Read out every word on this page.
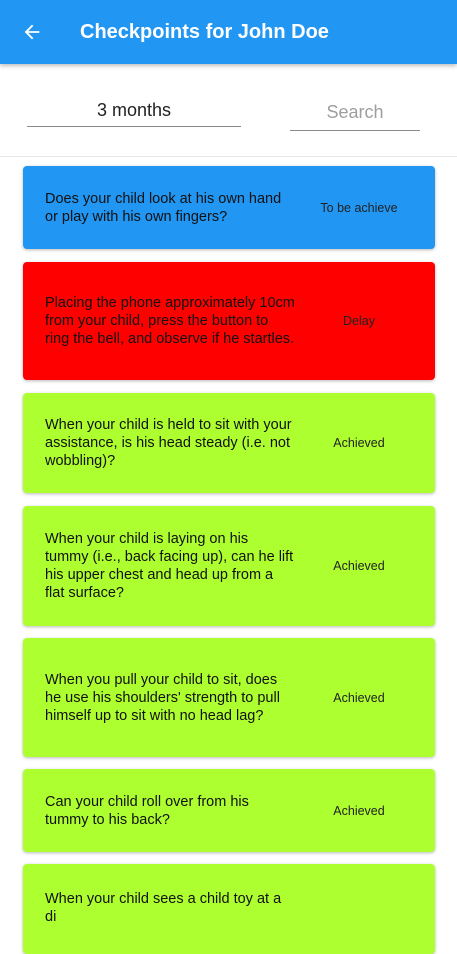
Checkpoints for John Doe
3 months
Search
Does your child look at his own hand or play with his own fingers?
To be achieve
Placing the phone approximately 10cm from your child, press the button to ring the bell, and observe if he startles.
Delay
When your child is held to sit with your assistance, is his head steady (i.e. not wobbling)?
Achieved
When your child is laying on his tummy (i.e., back facing up), can he lift his upper chest and head up from a flat surface?
Achieved
When you pull your child to sit, does he use his shoulders' strength to pull himself up to sit with no head lag?
Achieved
Can your child roll over from his tummy to his back?
Achieved
When your child sees a child toy at a di
